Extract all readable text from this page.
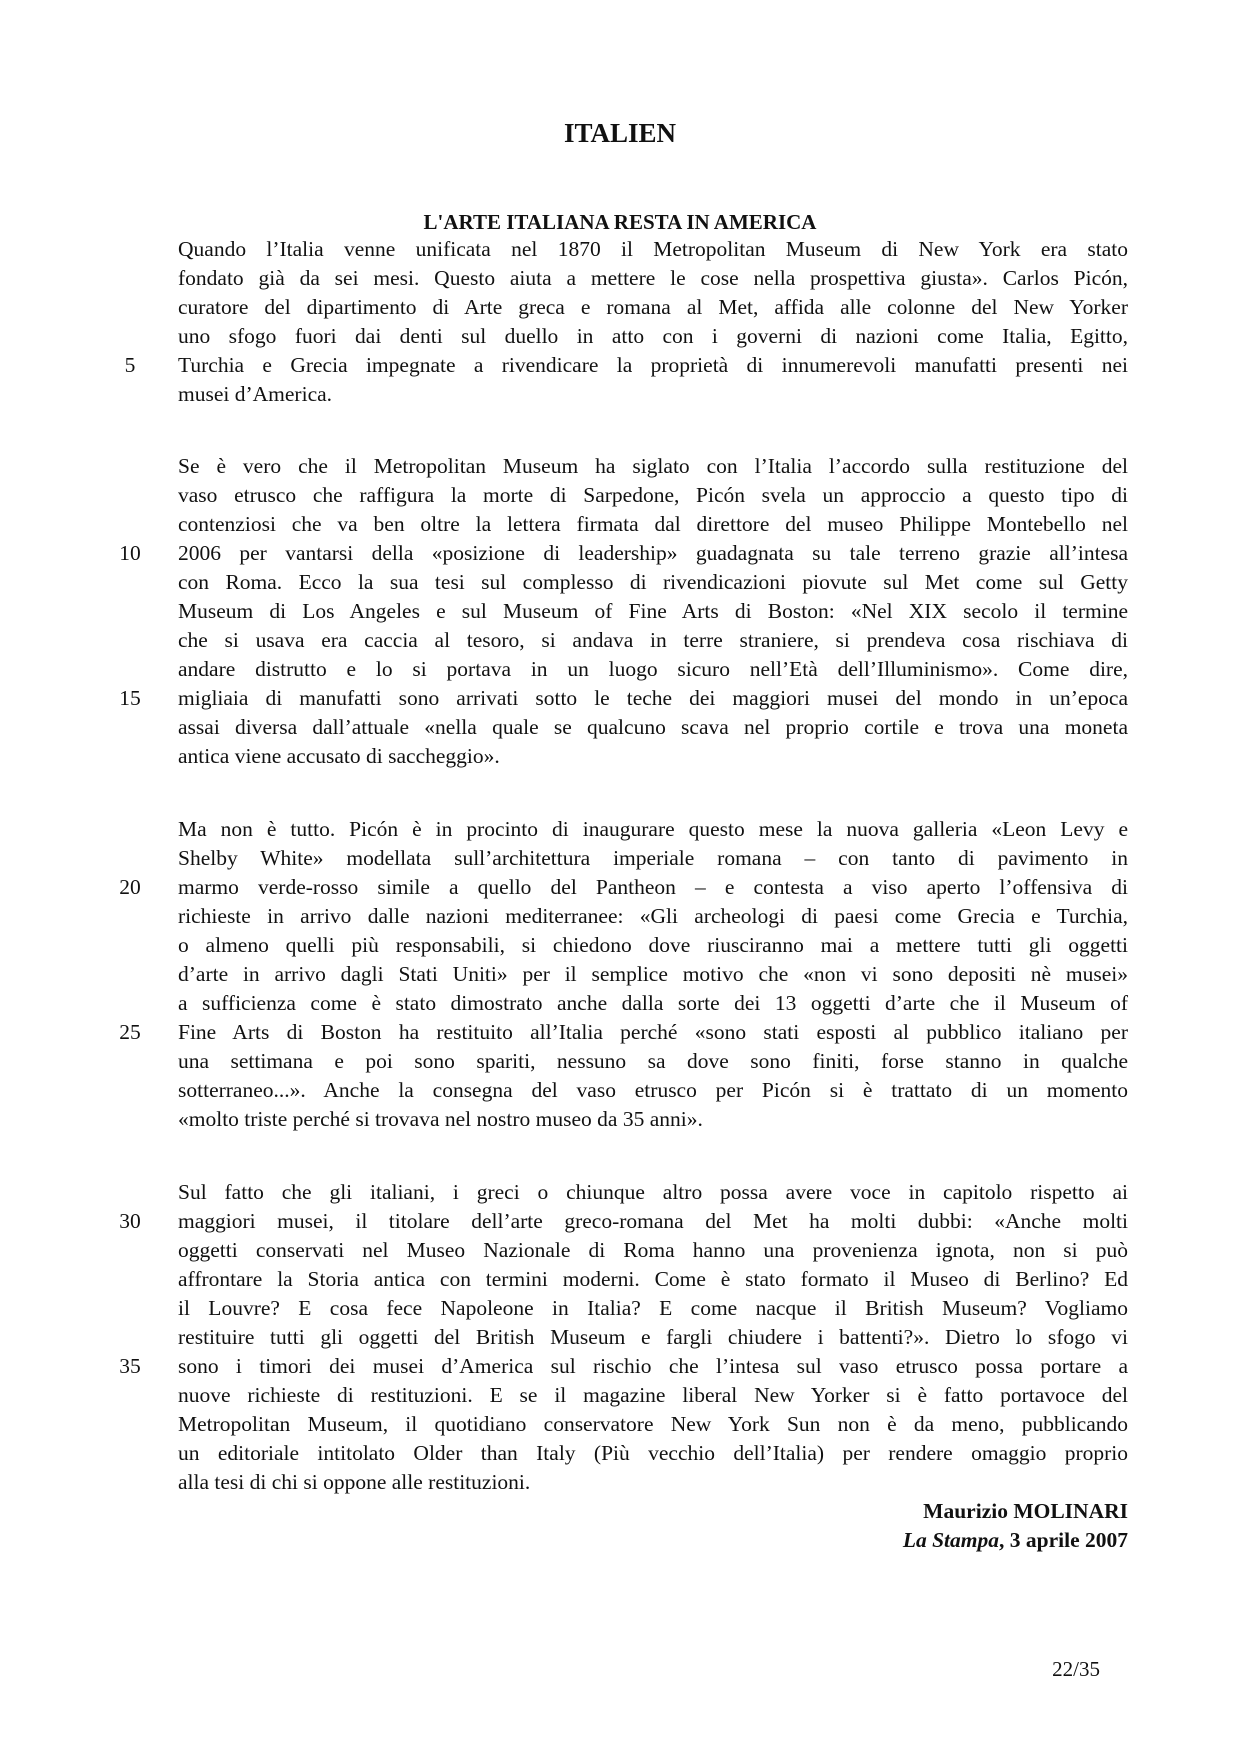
ITALIEN
L'ARTE ITALIANA RESTA IN AMERICA
Quando l’Italia venne unificata nel 1870 il Metropolitan Museum di New York era stato
fondato già da sei mesi. Questo aiuta a mettere le cose nella prospettiva giusta». Carlos Picón,
curatore del dipartimento di Arte greca e romana al Met, affida alle colonne del New Yorker
uno sfogo fuori dai denti sul duello in atto con i governi di nazioni come Italia, Egitto,
Turchia e Grecia impegnate a rivendicare la proprietà di innumerevoli manufatti presenti nei
musei d’America.
Se è vero che il Metropolitan Museum ha siglato con l’Italia l’accordo sulla restituzione del
vaso etrusco che raffigura la morte di Sarpedone, Picón svela un approccio a questo tipo di
contenziosi che va ben oltre la lettera firmata dal direttore del museo Philippe Montebello nel
2006 per vantarsi della «posizione di leadership» guadagnata su tale terreno grazie all’intesa
con Roma. Ecco la sua tesi sul complesso di rivendicazioni piovute sul Met come sul Getty
Museum di Los Angeles e sul Museum of Fine Arts di Boston: «Nel XIX secolo il termine
che si usava era caccia al tesoro, si andava in terre straniere, si prendeva cosa rischiava di
andare distrutto e lo si portava in un luogo sicuro nell’Età dell’Illuminismo». Come dire,
migliaia di manufatti sono arrivati sotto le teche dei maggiori musei del mondo in un’epoca
assai diversa dall’attuale «nella quale se qualcuno scava nel proprio cortile e trova una moneta
antica viene accusato di saccheggio».
Ma non è tutto. Picón è in procinto di inaugurare questo mese la nuova galleria «Leon Levy e
Shelby White» modellata sull’architettura imperiale romana – con tanto di pavimento in
marmo verde-rosso simile a quello del Pantheon – e contesta a viso aperto l’offensiva di
richieste in arrivo dalle nazioni mediterranee: «Gli archeologi di paesi come Grecia e Turchia,
o almeno quelli più responsabili, si chiedono dove riusciranno mai a mettere tutti gli oggetti
d’arte in arrivo dagli Stati Uniti» per il semplice motivo che «non vi sono depositi nè musei»
a sufficienza come è stato dimostrato anche dalla sorte dei 13 oggetti d’arte che il Museum of
Fine Arts di Boston ha restituito all’Italia perché «sono stati esposti al pubblico italiano per
una settimana e poi sono spariti, nessuno sa dove sono finiti, forse stanno in qualche
sotterraneo...». Anche la consegna del vaso etrusco per Picón si è trattato di un momento
«molto triste perché si trovava nel nostro museo da 35 anni».
Sul fatto che gli italiani, i greci o chiunque altro possa avere voce in capitolo rispetto ai
maggiori musei, il titolare dell’arte greco-romana del Met ha molti dubbi: «Anche molti
oggetti conservati nel Museo Nazionale di Roma hanno una provenienza ignota, non si può
affrontare la Storia antica con termini moderni. Come è stato formato il Museo di Berlino? Ed
il Louvre? E cosa fece Napoleone in Italia? E come nacque il British Museum? Vogliamo
restituire tutti gli oggetti del British Museum e fargli chiudere i battenti?». Dietro lo sfogo vi
sono i timori dei musei d’America sul rischio che l’intesa sul vaso etrusco possa portare a
nuove richieste di restituzioni. E se il magazine liberal New Yorker si è fatto portavoce del
Metropolitan Museum, il quotidiano conservatore New York Sun non è da meno, pubblicando
un editoriale intitolato Older than Italy (Più vecchio dell’Italia) per rendere omaggio proprio
alla tesi di chi si oppone alle restituzioni.
5
10
15
20
25
30
35
Maurizio MOLINARI
La Stampa, 3 aprile 2007
22/35
